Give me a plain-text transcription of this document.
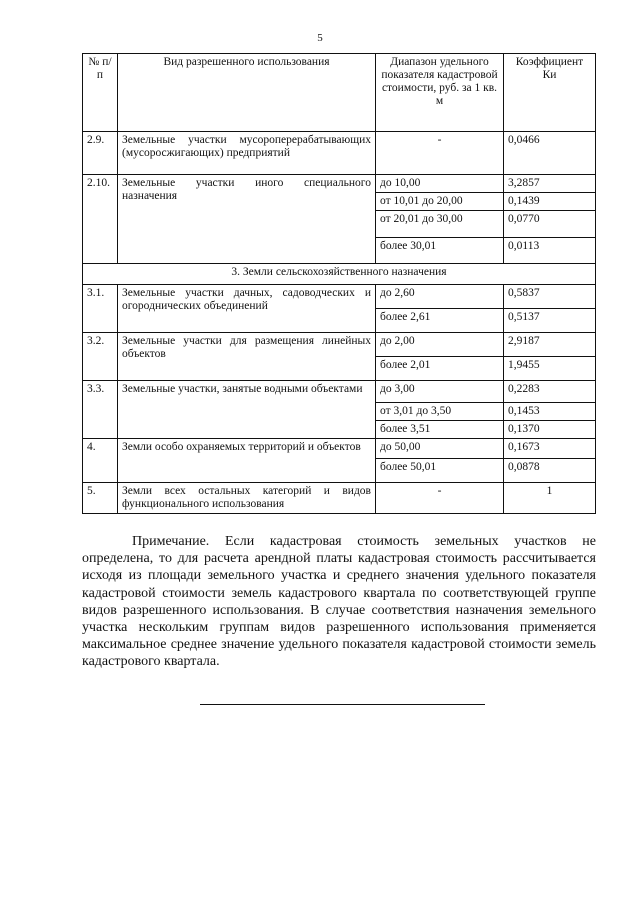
5
№ п/п	Вид разрешенного использования	Диапазон удельного показателя кадастровой стоимости, руб. за 1 кв. м	Коэффициент Ки
2.9.	Земельные участки мусороперерабатывающих (мусоросжигающих) предприятий	-	0,0466
2.10.	Земельные участки иного специального назначения	до 10,00	3,2857
		от 10,01 до 20,00	0,1439
		от 20,01 до 30,00	0,0770
		более 30,01	0,0113
3. Земли сельскохозяйственного назначения			
3.1.	Земельные участки дачных, садоводческих и огороднических объединений	до 2,60	0,5837
		более 2,61	0,5137
3.2.	Земельные участки для размещения линейных объектов	до 2,00	2,9187
		более 2,01	1,9455
3.3.	Земельные участки, занятые водными объектами	до 3,00	0,2283
		от 3,01 до 3,50	0,1453
		более 3,51	0,1370
4.	Земли особо охраняемых территорий и объектов	до 50,00	0,1673
		более 50,01	0,0878
5.	Земли всех остальных категорий и видов функционального использования	-	1

Примечание. Если кадастровая стоимость земельных участков не определена, то для расчета арендной платы кадастровая стоимость рассчитывается исходя из площади земельного участка и среднего значения удельного показателя кадастровой стоимости земель кадастрового квартала по соответствующей группе видов разрешенного использования. В случае соответствия назначения земельного участка нескольким группам видов разрешенного использования применяется максимальное среднее значение удельного показателя кадастровой стоимости земель кадастрового квартала.
